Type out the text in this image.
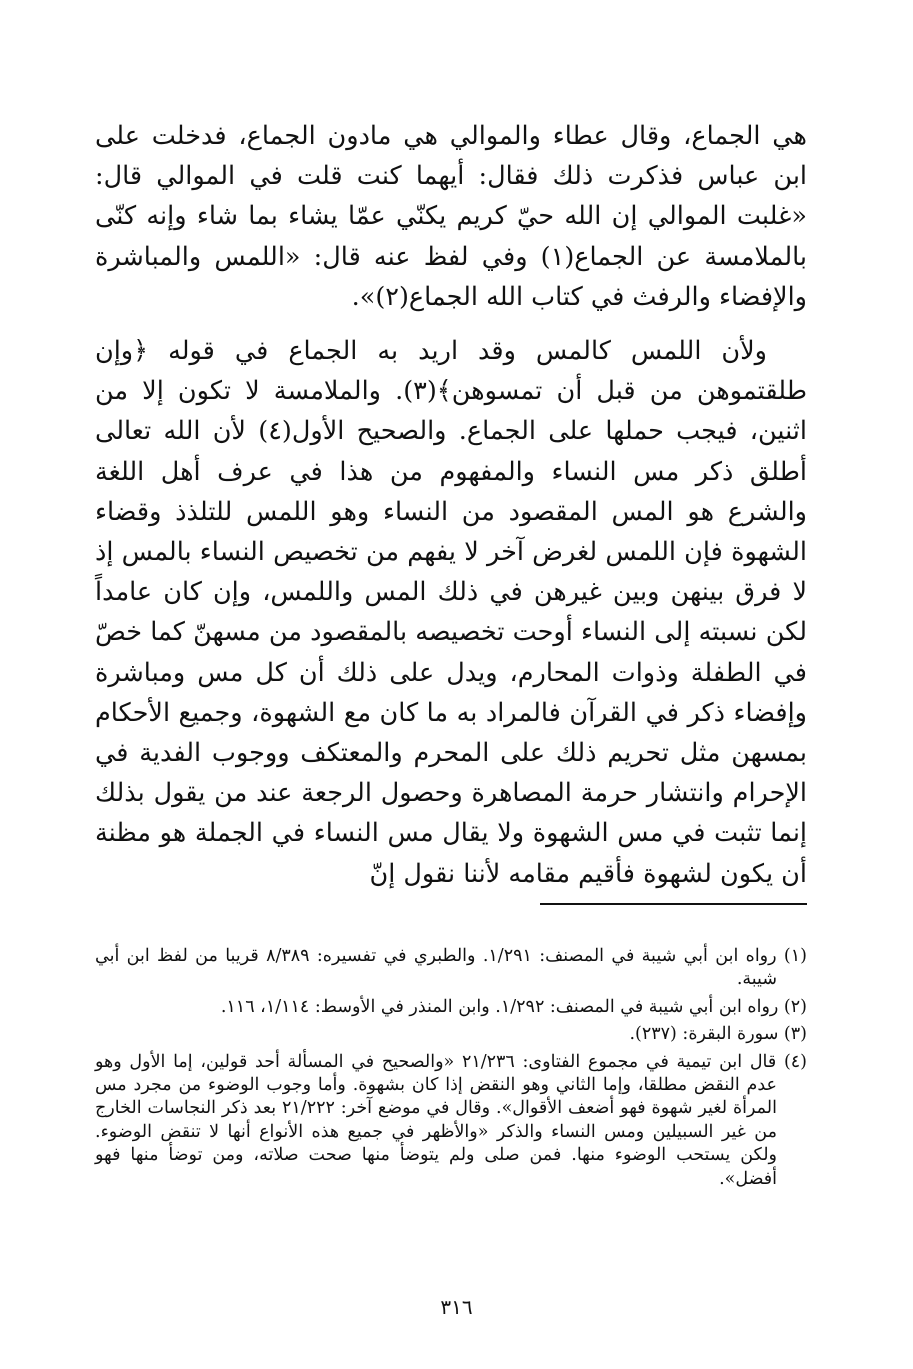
هي الجماع، وقال عطاء والموالي هي مادون الجماع، فدخلت على ابن عباس فذكرت ذلك فقال: أيهما كنت قلت في الموالي قال: «غلبت الموالي إن الله حيّ كريم يكنّي عمّا يشاء بما شاء وإنه كنّى بالملامسة عن الجماع(١) وفي لفظ عنه قال: «اللمس والمباشرة والإفضاء والرفث في كتاب الله الجماع(٢)».

ولأن اللمس كالمس وقد اريد به الجماع في قوله ﴿وإن طلقتموهن من قبل أن تمسوهن﴾(٣). والملامسة لا تكون إلا من اثنين، فيجب حملها على الجماع. والصحيح الأول(٤) لأن الله تعالى أطلق ذكر مس النساء والمفهوم من هذا في عرف أهل اللغة والشرع هو المس المقصود من النساء وهو اللمس للتلذذ وقضاء الشهوة فإن اللمس لغرض آخر لا يفهم من تخصيص النساء بالمس إذ لا فرق بينهن وبين غيرهن في ذلك المس واللمس، وإن كان عامداً لكن نسبته إلى النساء أوحت تخصيصه بالمقصود من مسهنّ كما خصّ في الطفلة وذوات المحارم، ويدل على ذلك أن كل مس ومباشرة وإفضاء ذكر في القرآن فالمراد به ما كان مع الشهوة، وجميع الأحكام بمسهن مثل تحريم ذلك على المحرم والمعتكف ووجوب الفدية في الإحرام وانتشار حرمة المصاهرة وحصول الرجعة عند من يقول بذلك إنما تثبت في مس الشهوة ولا يقال مس النساء في الجملة هو مظنة أن يكون لشهوة فأقيم مقامه لأننا نقول إنّ

(١) رواه ابن أبي شيبة في المصنف: ١/٢٩١. والطبري في تفسيره: ٨/٣٨٩ قريبا من لفظ ابن أبي شيبة.

(٢) رواه ابن أبي شيبة في المصنف: ١/٢٩٢. وابن المنذر في الأوسط: ١/١١٤، ١١٦.

(٣) سورة البقرة: (٢٣٧).

(٤) قال ابن تيمية في مجموع الفتاوى: ٢١/٢٣٦ «والصحيح في المسألة أحد قولين، إما الأول وهو عدم النقض مطلقا، وإما الثاني وهو النقض إذا كان بشهوة. وأما وجوب الوضوء من مجرد مس المرأة لغير شهوة فهو أضعف الأقوال». وقال في موضع آخر: ٢١/٢٢٢ بعد ذكر النجاسات الخارج من غير السبيلين ومس النساء والذكر «والأظهر في جميع هذه الأنواع أنها لا تنقض الوضوء. ولكن يستحب الوضوء منها. فمن صلى ولم يتوضأ منها صحت صلاته، ومن توضأ منها فهو أفضل».

٣١٦
